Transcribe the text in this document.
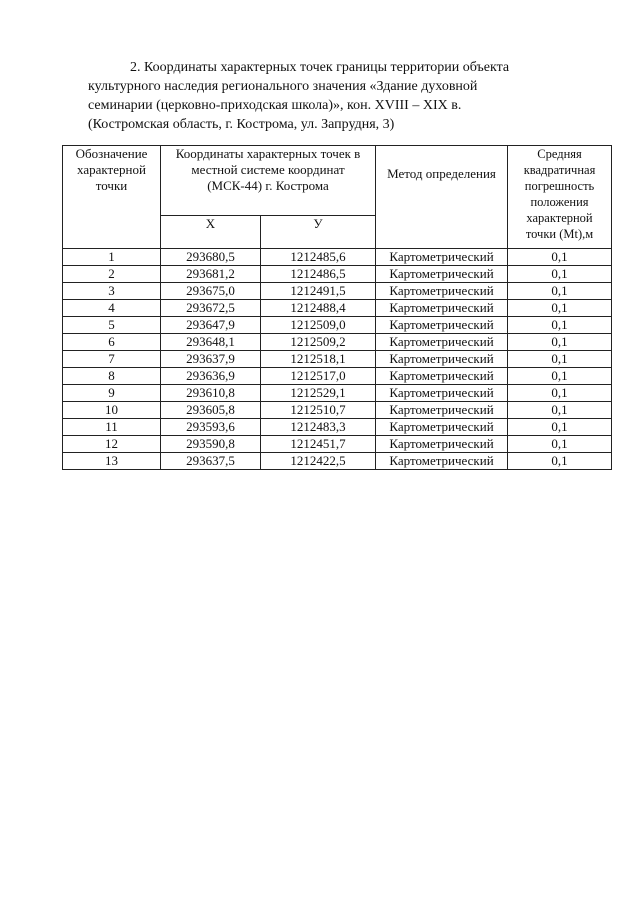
2. Координаты характерных точек границы территории объекта
культурного наследия регионального значения «Здание духовной
семинарии (церковно-приходская школа)», кон. XVIII – XIX в.
(Костромская область, г. Кострома, ул. Запрудня, 3)
Обозначение характерной точки	Координаты характерных точек в местной системе координат (МСК-44) г. Кострома		Метод определения	Средняя квадратичная погрешность положения характерной точки (Mt),м
	Х	У		
1	293680,5	1212485,6	Картометрический	0,1
2	293681,2	1212486,5	Картометрический	0,1
3	293675,0	1212491,5	Картометрический	0,1
4	293672,5	1212488,4	Картометрический	0,1
5	293647,9	1212509,0	Картометрический	0,1
6	293648,1	1212509,2	Картометрический	0,1
7	293637,9	1212518,1	Картометрический	0,1
8	293636,9	1212517,0	Картометрический	0,1
9	293610,8	1212529,1	Картометрический	0,1
10	293605,8	1212510,7	Картометрический	0,1
11	293593,6	1212483,3	Картометрический	0,1
12	293590,8	1212451,7	Картометрический	0,1
13	293637,5	1212422,5	Картометрический	0,1
